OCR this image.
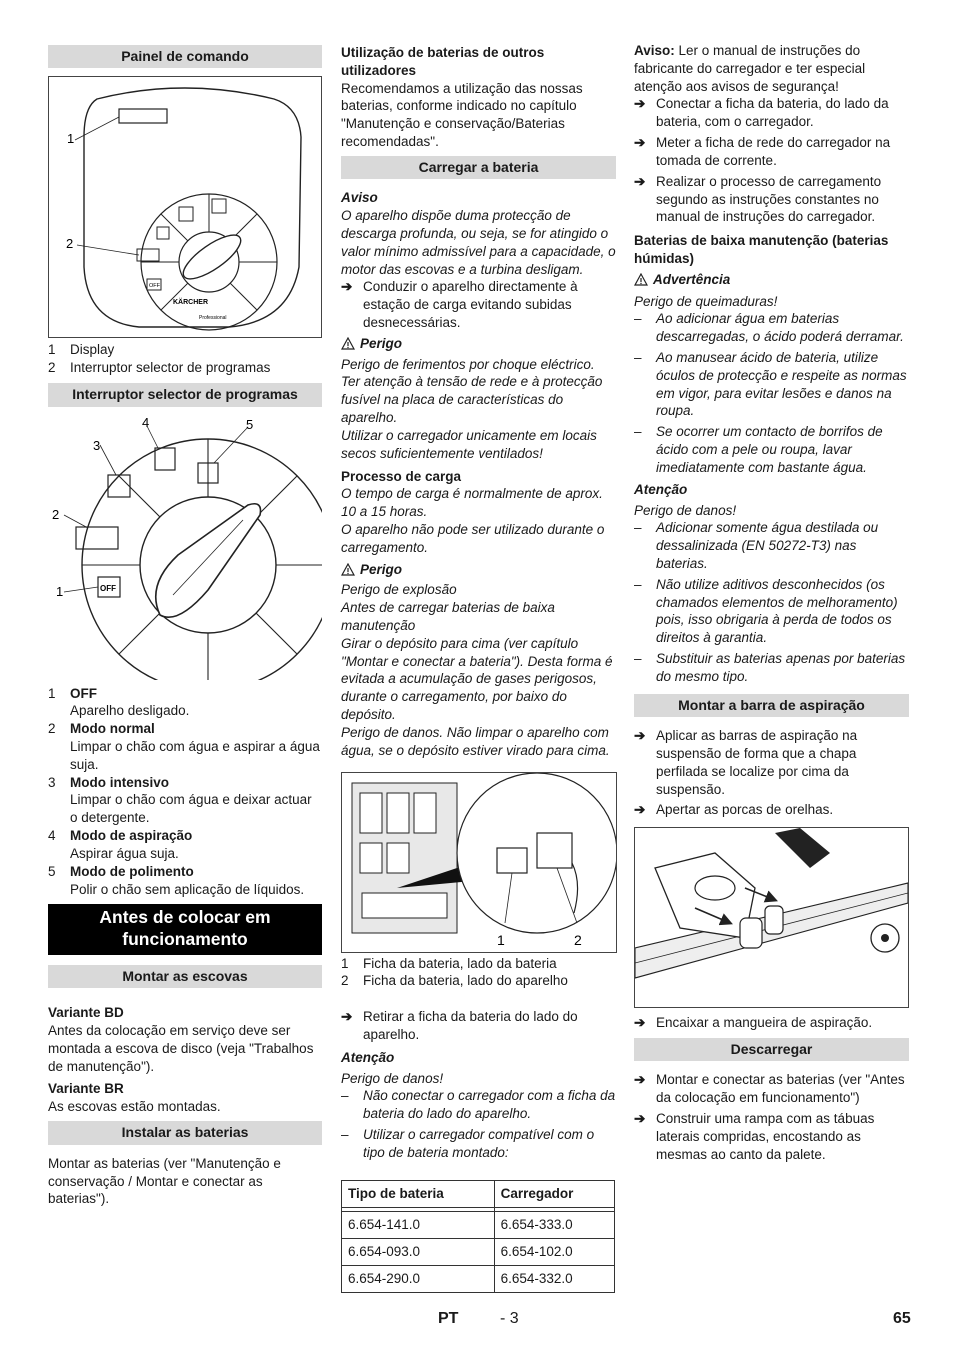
Painel de comando
OFF
KÄRCHER
Professional
1
2
1	Display
2	Interruptor selector de programas
Interruptor selector de programas
OFF
1
2
3
4	5
1	OFF

Aparelho desligado.

2	Modo normal

Limpar o chão com água e aspirar a água suja.

3	Modo intensivo

Limpar o chão com água e deixar actuar o detergente.

4	Modo de aspiração

Aspirar água suja.

5	Modo de polimento

Polir o chão sem aplicação de líquidos.

Antes de colocar em funcionamento
Montar as escovas

Variante BD

Antes da colocação em serviço deve ser montada a escova de disco (veja "Trabalhos de manutenção").

Variante BR

As escovas estão montadas.

Instalar as baterias

Montar as baterias (ver "Manutenção e conservação / Montar e conectar as baterias").

Utilização de baterias de outros utilizadores

Recomendamos a utilização das nossas baterias, conforme indicado no capítulo "Manutenção e conservação/Baterias recomendadas".

Carregar a bateria

Aviso

O aparelho dispõe duma protecção de descarga profunda, ou seja, se for atingido o valor mínimo admissível para a capacidade, o motor das escovas e a turbina desligam.

➔ Conduzir o aparelho directamente à estação de carga evitando subidas desnecessárias.
Perigo

Perigo de ferimentos por choque eléctrico. Ter atenção à tensão de rede e à protecção fusível na placa de características do aparelho.

Utilizar o carregador unicamente em locais secos suficientemente ventilados!

Processo de carga

O tempo de carga é normalmente de aprox. 10 a 15 horas.

O aparelho não pode ser utilizado durante o carregamento.

Perigo

Perigo de explosão

Antes de carregar baterias de baixa manutenção

Girar o depósito para cima (ver capítulo "Montar e conectar a bateria"). Desta forma é evitada a acumulação de gases perigosos, durante o carregamento, por baixo do depósito.

Perigo de danos. Não limpar o aparelho com água, se o depósito estiver virado para cima.

1	2
1	Ficha da bateria, lado da bateria
2	Ficha da bateria, lado do aparelho
➔ Retirar a ficha da bateria do lado do aparelho.

Atenção

Perigo de danos!

–	Não conectar o carregador com a ficha da bateria do lado do aparelho.
–	Utilizar o carregador compatível com o tipo de bateria montado:
Tipo de bateria	Carregador

6.654-141.0	6.654-333.0
6.654-093.0	6.654-102.0
6.654-290.0	6.654-332.0

Aviso: Ler o manual de instruções do fabricante do carregador e ter especial atenção aos avisos de segurança!

➔ Conectar a ficha da bateria, do lado da bateria, com o carregador.
➔ Meter a ficha de rede do carregador na tomada de corrente.
➔ Realizar o processo de carregamento segundo as instruções constantes no manual de instruções do carregador.

Baterias de baixa manutenção (baterias húmidas)

Advertência

Perigo de queimaduras!

–	Ao adicionar água em baterias descarregadas, o ácido poderá derramar.
–	Ao manusear ácido de bateria, utilize óculos de protecção e respeite as normas em vigor, para evitar lesões e danos na roupa.
–	Se ocorrer um contacto de borrifos de ácido com a pele ou roupa, lavar imediatamente com bastante água.

Atenção

Perigo de danos!

–	Adicionar somente água destilada ou dessalinizada (EN 50272-T3) nas baterias.
–	Não utilize aditivos desconhecidos (os chamados elementos de melhoramento) pois, isso obrigaria à perda de todos os direitos à garantia.
–	Substituir as baterias apenas por baterias do mesmo tipo.
Montar a barra de aspiração
➔ Aplicar as barras de aspiração na suspensão de forma que a chapa perfilada se localize por cima da suspensão.
➔ Apertar as porcas de orelhas.
➔ Encaixar a mangueira de aspiração.
Descarregar
➔ Montar e conectar as baterias (ver "Antes da colocação em funcionamento")
➔ Construir uma rampa com as tábuas laterais compridas, encostando as mesmas ao canto da palete.
PT	- 3	65
